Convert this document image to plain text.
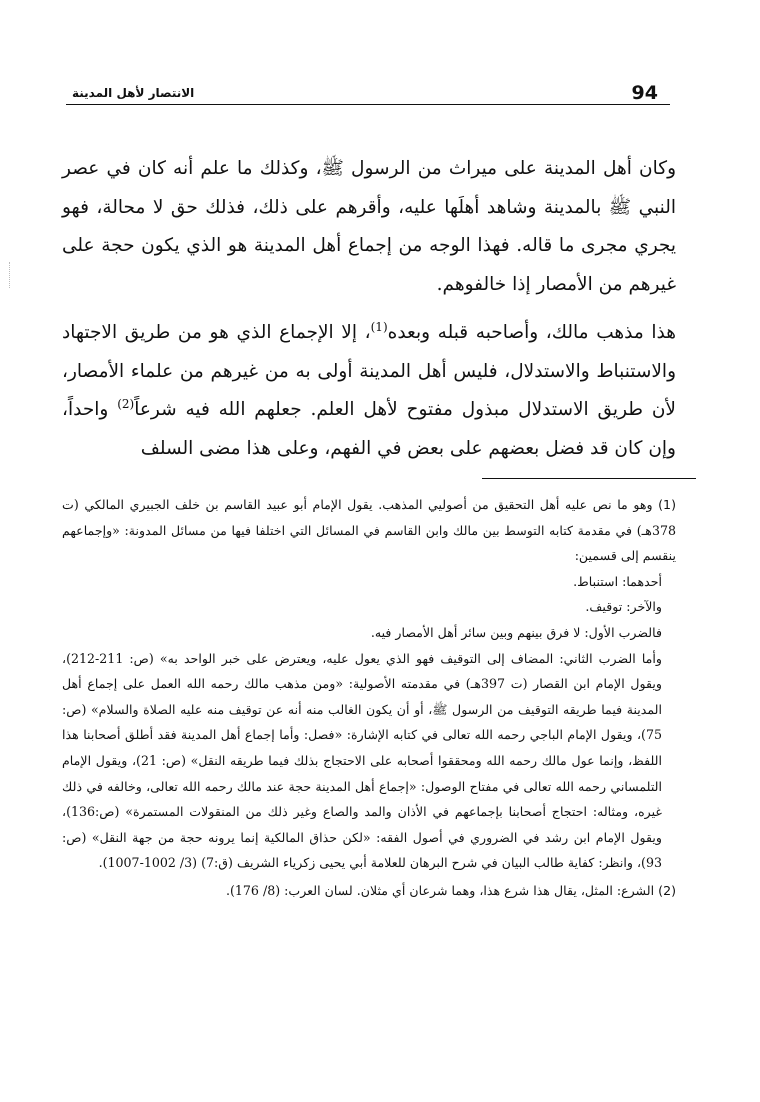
94
الانتصار لأهل المدينة

وكان أهل المدينة على ميراث من الرسول ﷺ، وكذلك ما علم أنه كان في عصر النبي ﷺ بالمدينة وشاهد أهلَها عليه، وأقرهم على ذلك، فذلك حق لا محالة، فهو يجري مجرى ما قاله. فهذا الوجه من إجماع أهل المدينة هو الذي يكون حجة على غيرهم من الأمصار إذا خالفوهم.

هذا مذهب مالك، وأصاحبه قبله وبعده$^{(1)}$، إلا الإجماع الذي هو من طريق الاجتهاد والاستنباط والاستدلال، فليس أهل المدينة أولى به من غيرهم من علماء الأمصار، لأن طريق الاستدلال مبذول مفتوح لأهل العلم. جعلهم الله فيه شرعاً$^{(2)}$ واحداً، وإن كان قد فضل بعضهم على بعض في الفهم، وعلى هذا مضى السلف

(1) وهو ما نص عليه أهل التحقيق من أصوليي المذهب. يقول الإمام أبو عبيد القاسم بن خلف الجبيري المالكي (ت 378هـ) في مقدمة كتابه التوسط بين مالك وابن القاسم في المسائل التي اختلفا فيها من مسائل المدونة: «وإجماعهم ينقسم إلى قسمين:

أحدهما: استنباط.

والآخر: توقيف.

فالضرب الأول: لا فرق بينهم وبين سائر أهل الأمصار فيه.

وأما الضرب الثاني: المضاف إلى التوقيف فهو الذي يعول عليه، ويعترض على خبر الواحد به» (ص: 211-212)، ويقول الإمام ابن القصار (ت 397هـ) في مقدمته الأصولية: «ومن مذهب مالك رحمه الله العمل على إجماع أهل المدينة فيما طريقه التوقيف من الرسول ﷺ، أو أن يكون الغالب منه أنه عن توقيف منه عليه الصلاة والسلام» (ص: 75)، ويقول الإمام الباجي رحمه الله تعالى في كتابه الإشارة: «فصل: وأما إجماع أهل المدينة فقد أطلق أصحابنا هذا اللفظ، وإنما عول مالك رحمه الله ومحققوا أصحابه على الاحتجاج بذلك فيما طريقه النقل» (ص: 21)، ويقول الإمام التلمساني رحمه الله تعالى في مفتاح الوصول: «إجماع أهل المدينة حجة عند مالك رحمه الله تعالى، وخالفه في ذلك غيره، ومثاله: احتجاج أصحابنا بإجماعهم في الأذان والمد والصاع وغير ذلك من المنقولات المستمرة» (ص:136)، ويقول الإمام ابن رشد في الضروري في أصول الفقه: «لكن حذاق المالكية إنما يرونه حجة من جهة النقل» (ص: 93)، وانظر: كفاية طالب البيان في شرح البرهان للعلامة أبي يحيى زكرياء الشريف (ق:7) (3/ 1002-1007).

(2) الشرع: المثل، يقال هذا شرع هذا، وهما شرعان أي مثلان. لسان العرب: (8/ 176).
